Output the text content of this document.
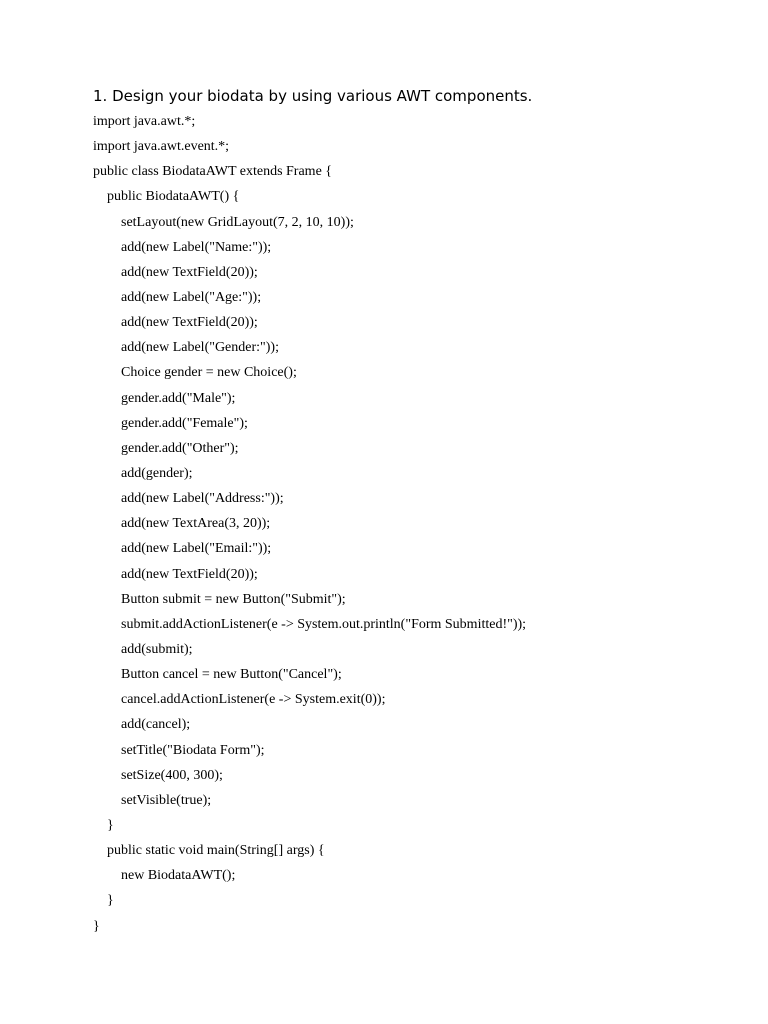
1. Design your biodata by using various AWT components.
import java.awt.*;
import java.awt.event.*;
public class BiodataAWT extends Frame {
public BiodataAWT() {
setLayout(new GridLayout(7, 2, 10, 10));
add(new Label("Name:"));
add(new TextField(20));
add(new Label("Age:"));
add(new TextField(20));
add(new Label("Gender:"));
Choice gender = new Choice();
gender.add("Male");
gender.add("Female");
gender.add("Other");
add(gender);
add(new Label("Address:"));
add(new TextArea(3, 20));
add(new Label("Email:"));
add(new TextField(20));
Button submit = new Button("Submit");
submit.addActionListener(e -> System.out.println("Form Submitted!"));
add(submit);
Button cancel = new Button("Cancel");
cancel.addActionListener(e -> System.exit(0));
add(cancel);
setTitle("Biodata Form");
setSize(400, 300);
setVisible(true);
}
public static void main(String[] args) {
new BiodataAWT();
}
}
